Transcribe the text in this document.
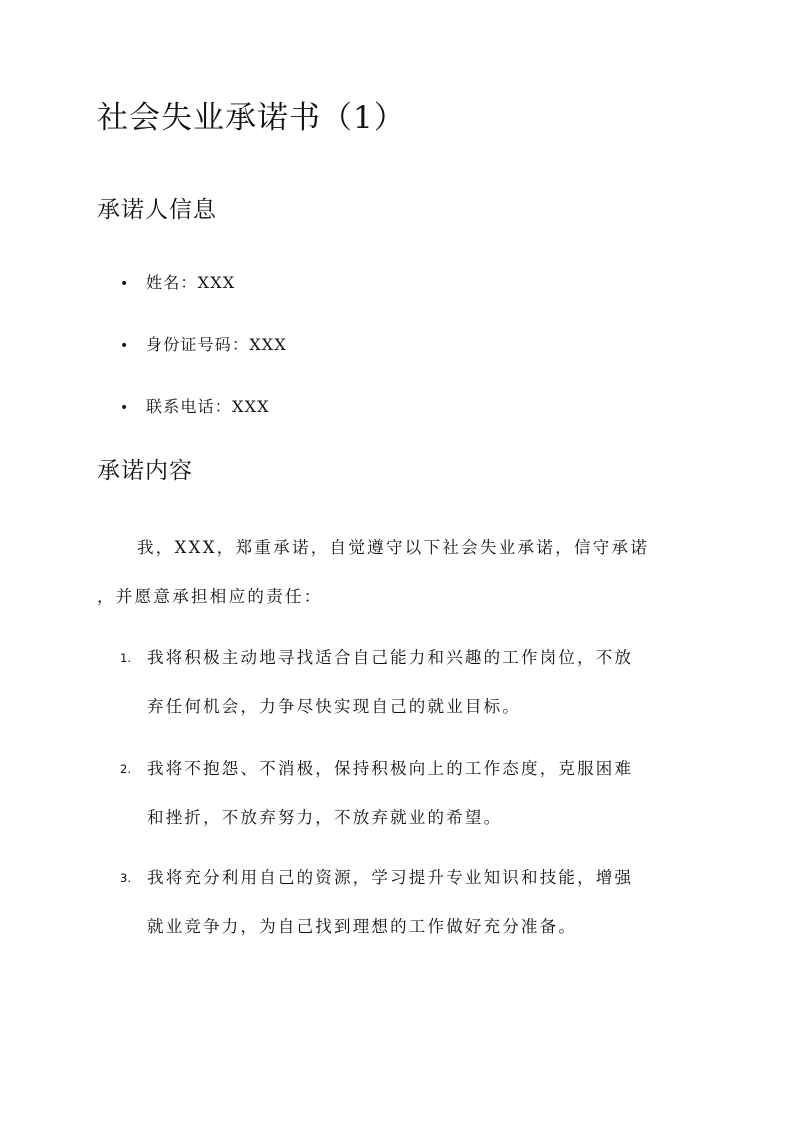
社会失业承诺书（1）
承诺人信息
• 姓名：XXX
• 身份证号码：XXX
• 联系电话：XXX
承诺内容
我，XXX，郑重承诺，自觉遵守以下社会失业承诺，信守承诺
，并愿意承担相应的责任：
1. 我将积极主动地寻找适合自己能力和兴趣的工作岗位，不放
弃任何机会，力争尽快实现自己的就业目标。
2. 我将不抱怨、不消极，保持积极向上的工作态度，克服困难
和挫折，不放弃努力，不放弃就业的希望。
3. 我将充分利用自己的资源，学习提升专业知识和技能，增强
就业竞争力，为自己找到理想的工作做好充分准备。
